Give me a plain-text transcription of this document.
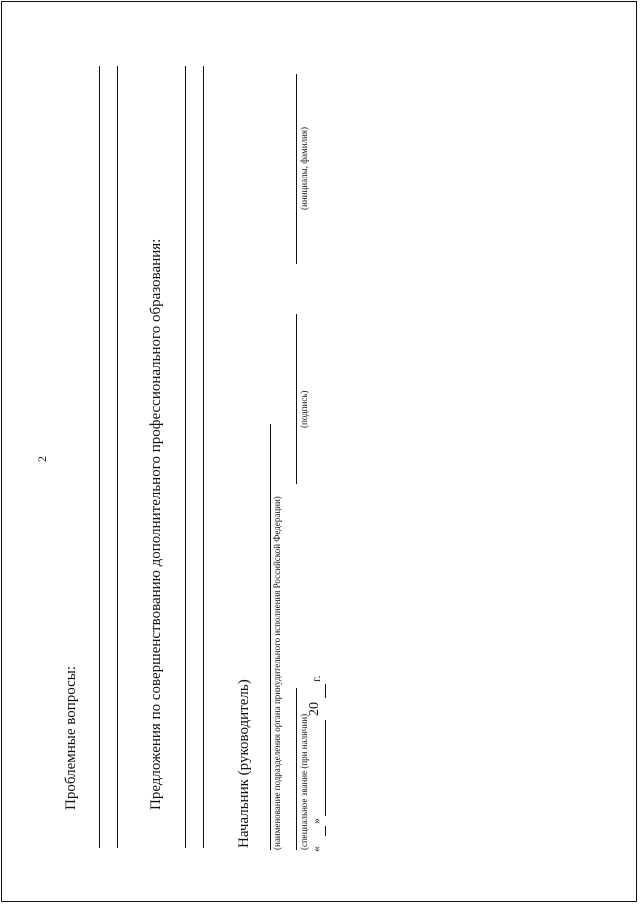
2
Проблемные вопросы:	Предложения по совершенствованию дополнительного профессионального образования:	Начальник (руководитель) (наименование подразделения органа принудительного исполнения Российской Федерации) (специальное звание (при наличии)
(подпись)
(инициалы, фамилия)
«
»
20
г.
